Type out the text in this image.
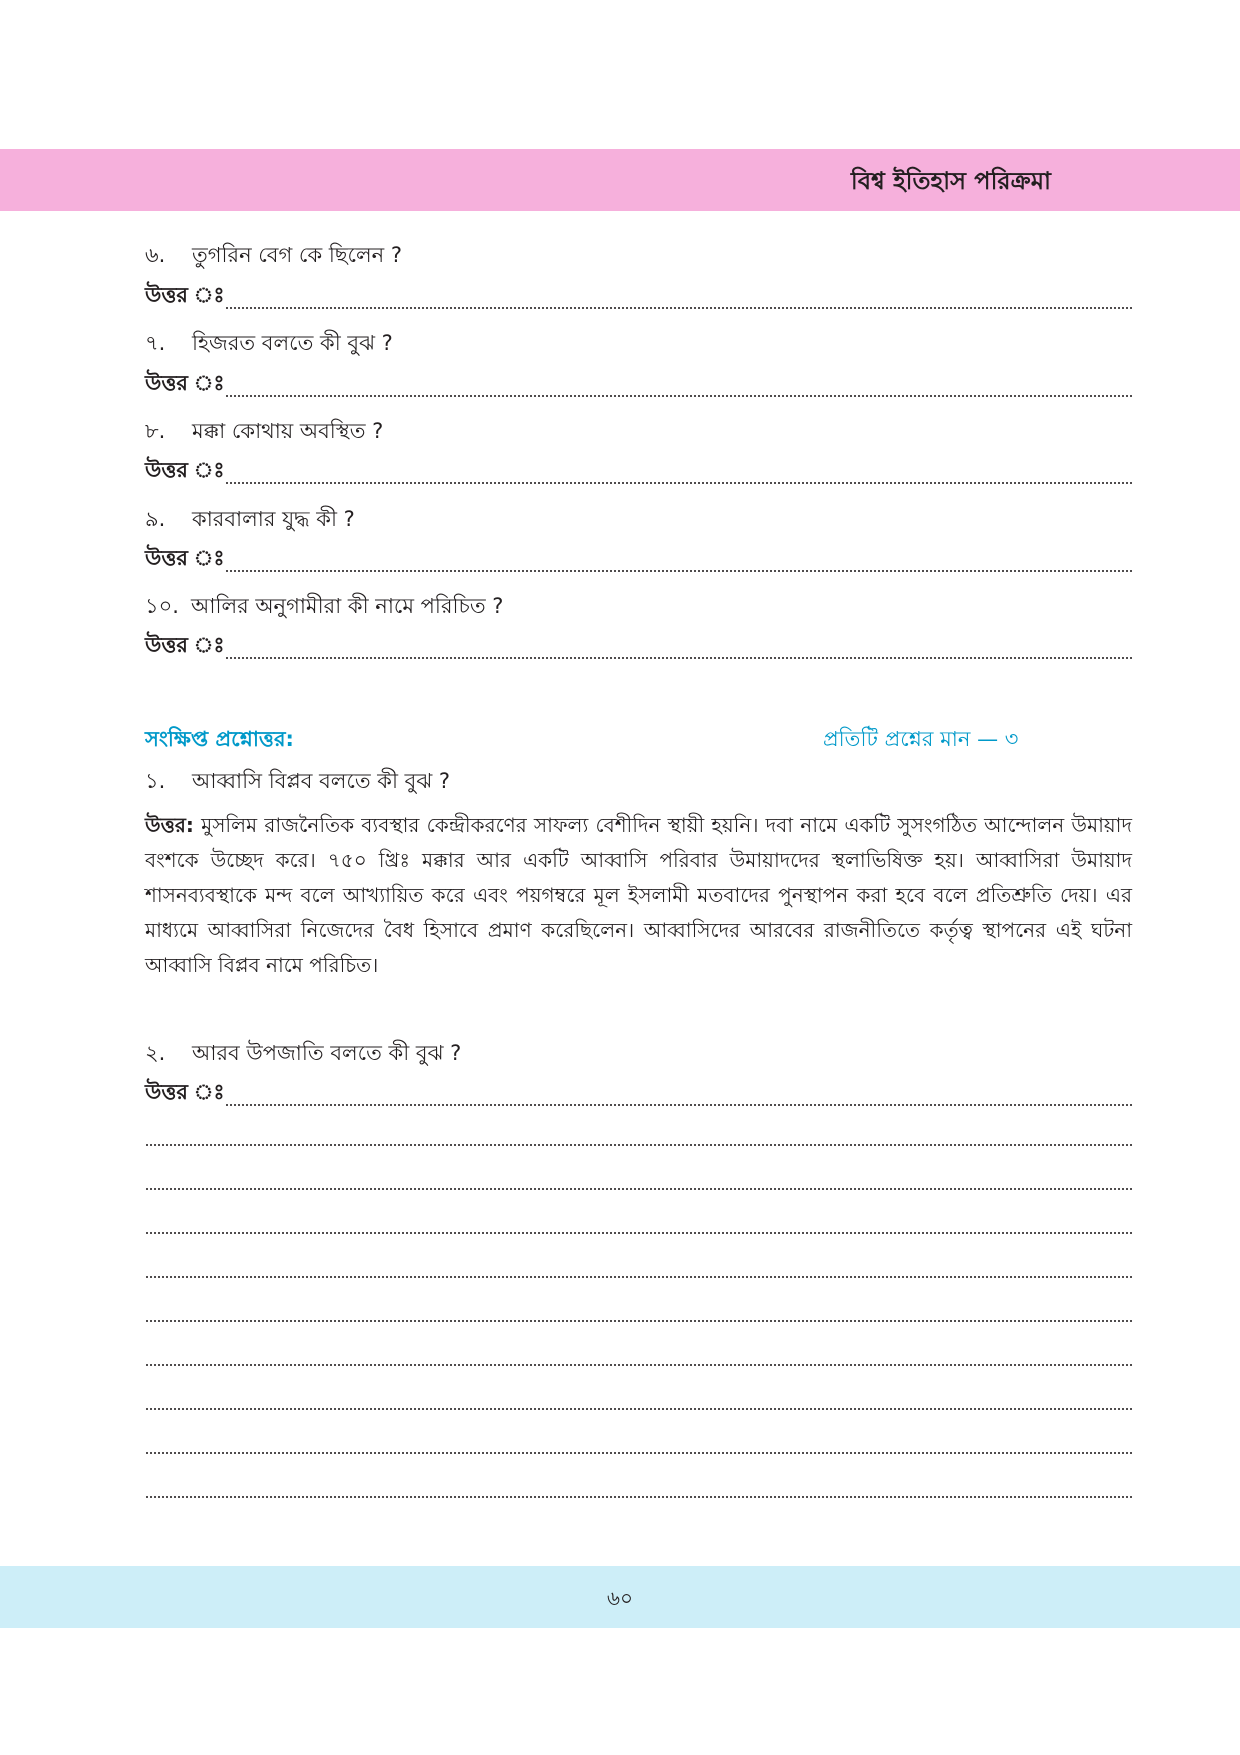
বিশ্ব ইতিহাস পরিক্রমা
৬. তুগরিন বেগ কে ছিলেন ?
উত্তর ঃ
৭. হিজরত বলতে কী বুঝ ?
উত্তর ঃ
৮. মক্কা কোথায় অবস্থিত ?
উত্তর ঃ
৯. কারবালার যুদ্ধ কী ?
উত্তর ঃ
১০. আলির অনুগামীরা কী নামে পরিচিত ?
উত্তর ঃ
সংক্ষিপ্ত প্রশ্নোত্তর:	প্রতিটি প্রশ্নের মান — ৩
১. আব্বাসি বিপ্লব বলতে কী বুঝ ?

উত্তর: মুসলিম রাজনৈতিক ব্যবস্থার কেন্দ্রীকরণের সাফল্য বেশীদিন স্থায়ী হয়নি। দবা নামে একটি সুসংগঠিত আন্দোলন উমায়াদ বংশকে উচ্ছেদ করে। ৭৫০ খ্রিঃ মক্কার আর একটি আব্বাসি পরিবার উমায়াদদের স্থলাভিষিক্ত হয়। আব্বাসিরা উমায়াদ শাসনব্যবস্থাকে মন্দ বলে আখ্যায়িত করে এবং পয়গম্বরে মূল ইসলামী মতবাদের পুনস্থাপন করা হবে বলে প্রতিশ্রুতি দেয়। এর মাধ্যমে আব্বাসিরা নিজেদের বৈধ হিসাবে প্রমাণ করেছিলেন। আব্বাসিদের আরবের রাজনীতিতে কর্তৃত্ব স্থাপনের এই ঘটনা আব্বাসি বিপ্লব নামে পরিচিত।

২. আরব উপজাতি বলতে কী বুঝ ?
উত্তর ঃ
৬০
